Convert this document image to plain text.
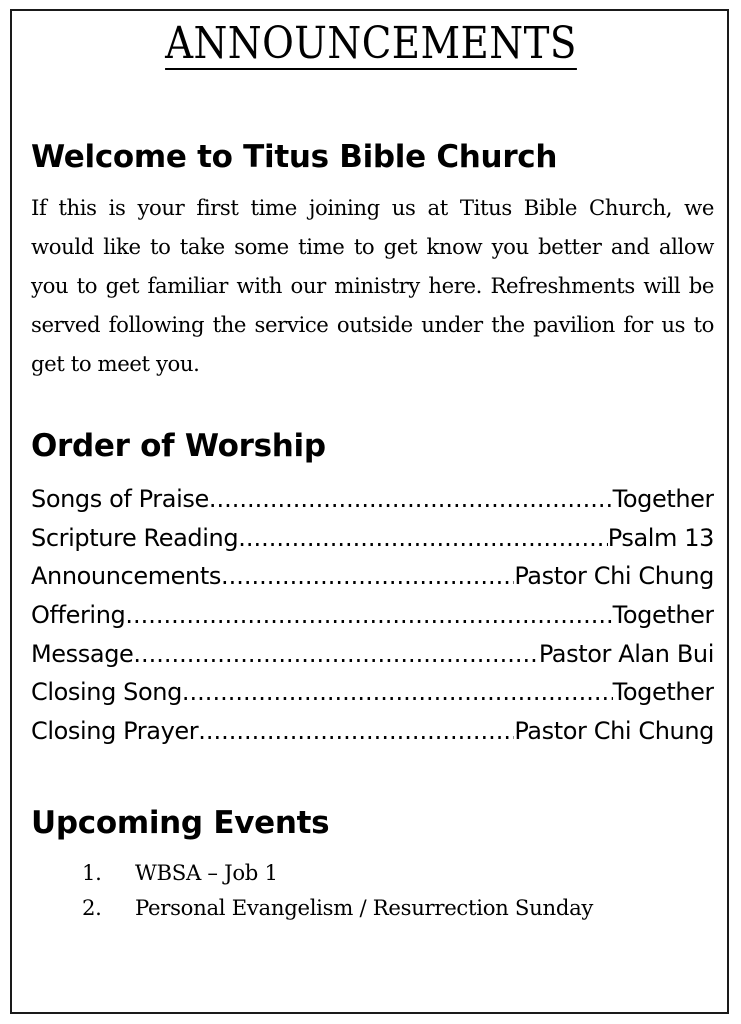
ANNOUNCEMENTS
Welcome to Titus Bible Church

If this is your first time joining us at Titus Bible Church, we would like to take some time to get know you better and allow you to get familiar with our ministry here. Refreshments will be served following the service outside under the pavilion for us to get to meet you.

Order of Worship
Songs of Praise .....	Together
Scripture Reading .....	Psalm 13
Announcements .....	Pastor Chi Chung
Offering .....	Together
Message .....	Pastor Alan Bui
Closing Song .....	Together
Closing Prayer .....	Pastor Chi Chung
Upcoming Events
1.	WBSA – Job 1
2.	Personal Evangelism / Resurrection Sunday
